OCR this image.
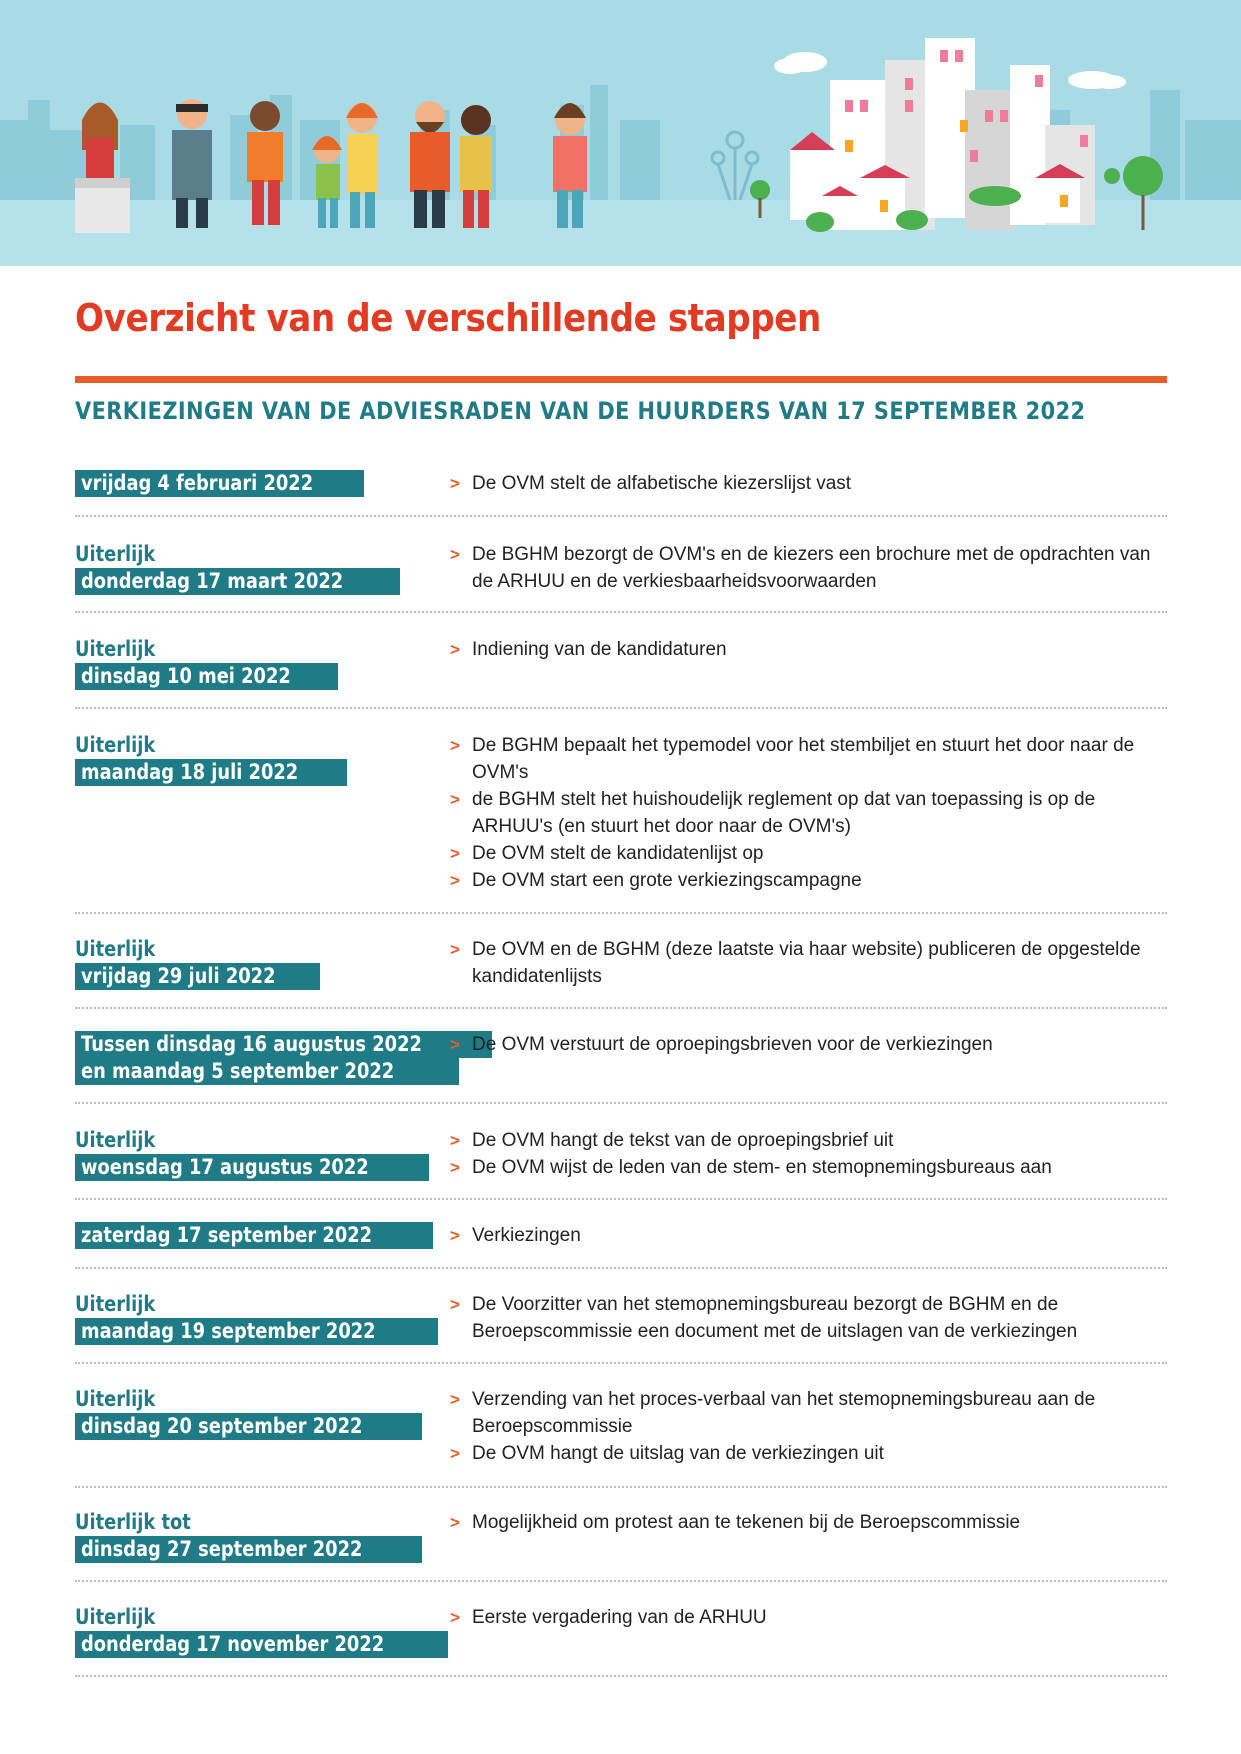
Overzicht van de verschillende stappen
VERKIEZINGEN VAN DE ADVIESRADEN VAN DE HUURDERS VAN 17 SEPTEMBER 2022
vrijdag 4 februari 2022	> De OVM stelt de alfabetische kiezerslijst vast
Uiterlijk
donderdag 17 maart 2022
> De BGHM bezorgt de OVM's en de kiezers een brochure met de opdrachten van de ARHUU en de verkiesbaarheidsvoorwaarden
Uiterlijk
dinsdag 10 mei 2022
> Indiening van de kandidaturen
Uiterlijk
maandag 18 juli 2022
> De BGHM bepaalt het typemodel voor het stembiljet en stuurt het door naar de OVM's
> de BGHM stelt het huishoudelijk reglement op dat van toepassing is op de ARHUU's (en stuurt het door naar de OVM's)
> De OVM stelt de kandidatenlijst op
> De OVM start een grote verkiezingscampagne
Uiterlijk
vrijdag 29 juli 2022
> De OVM en de BGHM (deze laatste via haar website) publiceren de opgestelde kandidatenlijsts
Tussen dinsdag 16 augustus 2022
en maandag 5 september 2022
> De OVM verstuurt de oproepingsbrieven voor de verkiezingen
Uiterlijk
woensdag 17 augustus 2022
> De OVM hangt de tekst van de oproepingsbrief uit
> De OVM wijst de leden van de stem- en stemopnemingsbureaus aan
zaterdag 17 september 2022	> Verkiezingen
Uiterlijk
maandag 19 september 2022
> De Voorzitter van het stemopnemingsbureau bezorgt de BGHM en de Beroepscommissie een document met de uitslagen van de verkiezingen
Uiterlijk
dinsdag 20 september 2022
> Verzending van het proces-verbaal van het stemopnemingsbureau aan de Beroepscommissie
> De OVM hangt de uitslag van de verkiezingen uit
Uiterlijk tot
dinsdag 27 september 2022
> Mogelijkheid om protest aan te tekenen bij de Beroepscommissie
Uiterlijk
donderdag 17 november 2022
> Eerste vergadering van de ARHUU
